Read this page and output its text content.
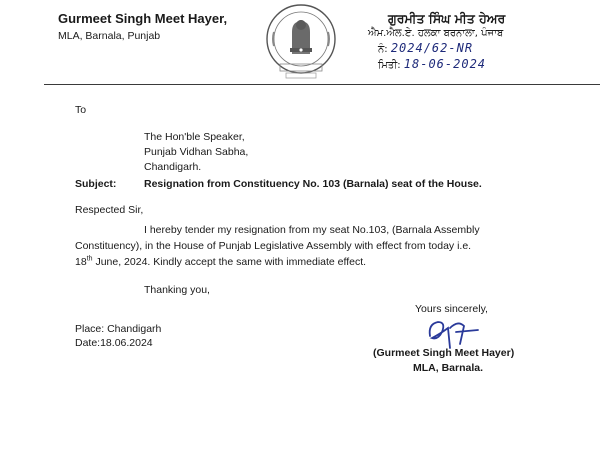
Gurmeet Singh Meet Hayer,
MLA, Barnala, Punjab
ਗੁਰਮੀਤ ਸਿੰਘ ਮੀਤ ਹੇਅਰ
ਐਮ.ਐਲ.ਏ. ਹਲਕਾ ਬਰਨਾਲਾ, ਪੰਜਾਬ
ਨੰ: 2024/62-NR
ਮਿਤੀ: 18-06-2024
To
The Hon'ble Speaker,
Punjab Vidhan Sabha,
Chandigarh.
Subject:	Resignation from Constituency No. 103 (Barnala) seat of the House.
Respected Sir,
I hereby tender my resignation from my seat No.103, (Barnala Assembly
Constituency), in the House of Punjab Legislative Assembly with effect from today i.e.
18th June, 2024. Kindly accept the same with immediate effect.
Thanking you,
Yours sincerely,
Place: Chandigarh
Date:18.06.2024
(Gurmeet Singh Meet Hayer)
MLA, Barnala.
